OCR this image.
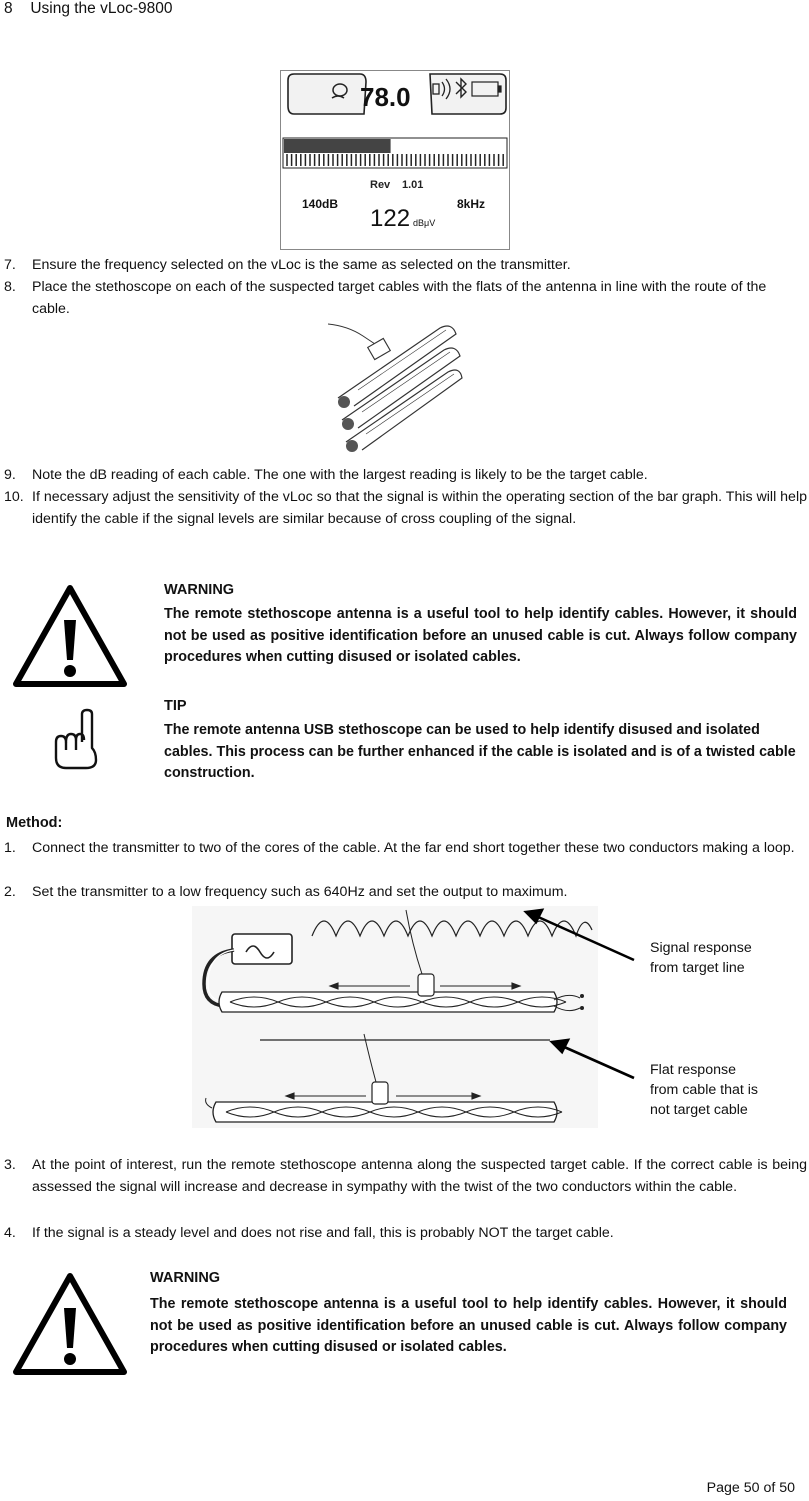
8 Using the vLoc-9800
78.0
Rev 1.01
140dB	8kHz
122 dBμV
7. Ensure the frequency selected on the vLoc is the same as selected on the transmitter.
8. Place the stethoscope on each of the suspected target cables with the flats of the antenna in line with the route of the cable.
9. Note the dB reading of each cable. The one with the largest reading is likely to be the target cable.
10. If necessary adjust the sensitivity of the vLoc so that the signal is within the operating section of the bar graph. This will help identify the cable if the signal levels are similar because of cross coupling of the signal.
WARNING
The remote stethoscope antenna is a useful tool to help identify cables. However, it should not be used as positive identification before an unused cable is cut. Always follow company procedures when cutting disused or isolated cables.
TIP
The remote antenna USB stethoscope can be used to help identify disused and isolated cables. This process can be further enhanced if the cable is isolated and is of a twisted cable construction.
Method:
1. Connect the transmitter to two of the cores of the cable. At the far end short together these two conductors making a loop.
2. Set the transmitter to a low frequency such as 640Hz and set the output to maximum.
Signal response
from target line
Flat response
from cable that is
not target cable
3. At the point of interest, run the remote stethoscope antenna along the suspected target cable. If the correct cable is being assessed the signal will increase and decrease in sympathy with the twist of the two conductors within the cable.
4. If the signal is a steady level and does not rise and fall, this is probably NOT the target cable.
WARNING
The remote stethoscope antenna is a useful tool to help identify cables. However, it should not be used as positive identification before an unused cable is cut. Always follow company procedures when cutting disused or isolated cables.
Page 50 of 50
